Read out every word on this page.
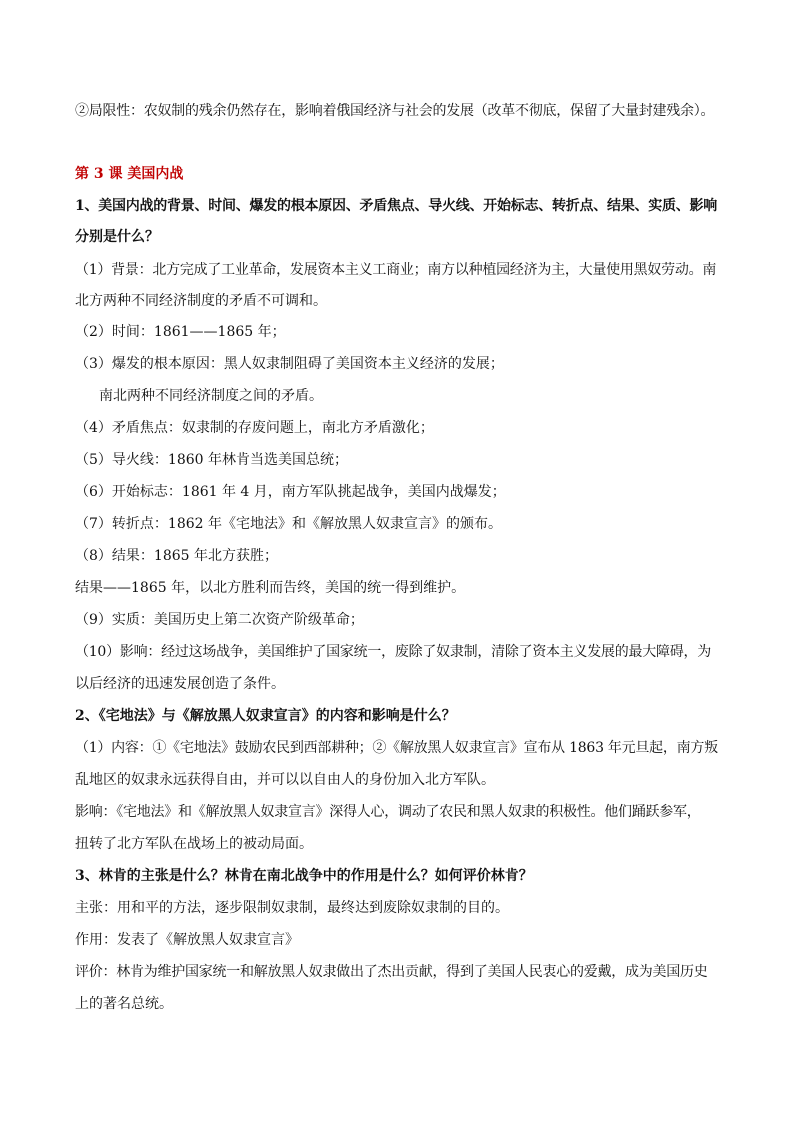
②局限性：农奴制的残余仍然存在，影响着俄国经济与社会的发展（改革不彻底，保留了大量封建残余）。
第 3 课 美国内战
1、美国内战的背景、时间、爆发的根本原因、矛盾焦点、导火线、开始标志、转折点、结果、实质、影响
分别是什么？
（1）背景：北方完成了工业革命，发展资本主义工商业；南方以种植园经济为主，大量使用黑奴劳动。南
北方两种不同经济制度的矛盾不可调和。
（2）时间：1861——1865 年；
（3）爆发的根本原因：黑人奴隶制阻碍了美国资本主义经济的发展；
南北两种不同经济制度之间的矛盾。
（4）矛盾焦点：奴隶制的存废问题上，南北方矛盾激化；
（5）导火线：1860 年林肯当选美国总统；
（6）开始标志：1861 年 4 月，南方军队挑起战争，美国内战爆发；
（7）转折点：1862 年《宅地法》和《解放黑人奴隶宣言》的颁布。
（8）结果：1865 年北方获胜；
结果——1865 年，以北方胜利而告终，美国的统一得到维护。
（9）实质：美国历史上第二次资产阶级革命；
（10）影响：经过这场战争，美国维护了国家统一，废除了奴隶制，清除了资本主义发展的最大障碍，为
以后经济的迅速发展创造了条件。
2、《宅地法》与《解放黑人奴隶宣言》的内容和影响是什么？
（1）内容：①《宅地法》鼓励农民到西部耕种；②《解放黑人奴隶宣言》宣布从 1863 年元旦起，南方叛
乱地区的奴隶永远获得自由，并可以以自由人的身份加入北方军队。
影响：《宅地法》和《解放黑人奴隶宣言》深得人心，调动了农民和黑人奴隶的积极性。他们踊跃参军，
扭转了北方军队在战场上的被动局面。
3、林肯的主张是什么？林肯在南北战争中的作用是什么？如何评价林肯？
主张：用和平的方法，逐步限制奴隶制，最终达到废除奴隶制的目的。
作用：发表了《解放黑人奴隶宣言》
评价：林肯为维护国家统一和解放黑人奴隶做出了杰出贡献，得到了美国人民衷心的爱戴，成为美国历史
上的著名总统。
